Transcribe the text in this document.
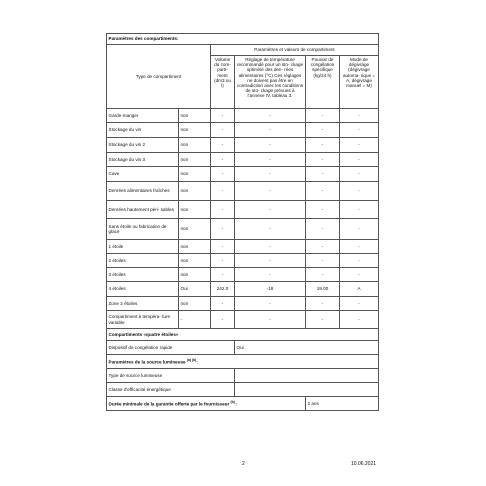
Paramètres des compartiments:					
Type de compartiment		Paramètres et valeurs de compartiment			
		Volume du com- parti- ment (dm3 ou l)	Réglage de température recommandé pour un sto- ckage optimisé des den- rées alimentaires (°C) Ces réglages ne doivent pas être en contradiction avec les conditions de sto- ckage prévues à l'annexe IV, tableau 3.	Pouvoir de congélation spécifique (kg/24 h)	Mode de dégivrage (dégivrage automa- tique = A, dégivrage manuel = M)
Garde-manger	non	-	-	-	-
Stockage du vin	non	-	-	-	-
Stockage du vin 2	non	-	-	-	-
Stockage du vin 3	non	-	-	-	-
Cave	non	-	-	-	-
Denrées alimentaires fraîches	non	-	-	-	-
Denrées hautement péri- sables	non	-	-	-	-
Sans étoile ou fabrication de glace	non	-	-	-	-
1 étoile	non	-	-	-	-
2 étoiles	non	-	-	-	-
3 étoiles	non	-	-	-	-
4 étoiles	Oui	242.0	-18	19.00	A
Zone 2 étoiles	non	-	-	-	-
Compartiment à tempéra- ture variable	-	-	-	-	-
Compartiments «quatre étoiles»					
Dispositif de congélation rapide			Oui		
Paramètres de la source lumineuse $^{(a) (b)}$:					
Type de source lumineuse					
Classe d'efficacité énergétique					
Durée minimale de la garantie offerte par le fournisseur $^{(b)}$ :				2 ans	
2	10.06.2021
